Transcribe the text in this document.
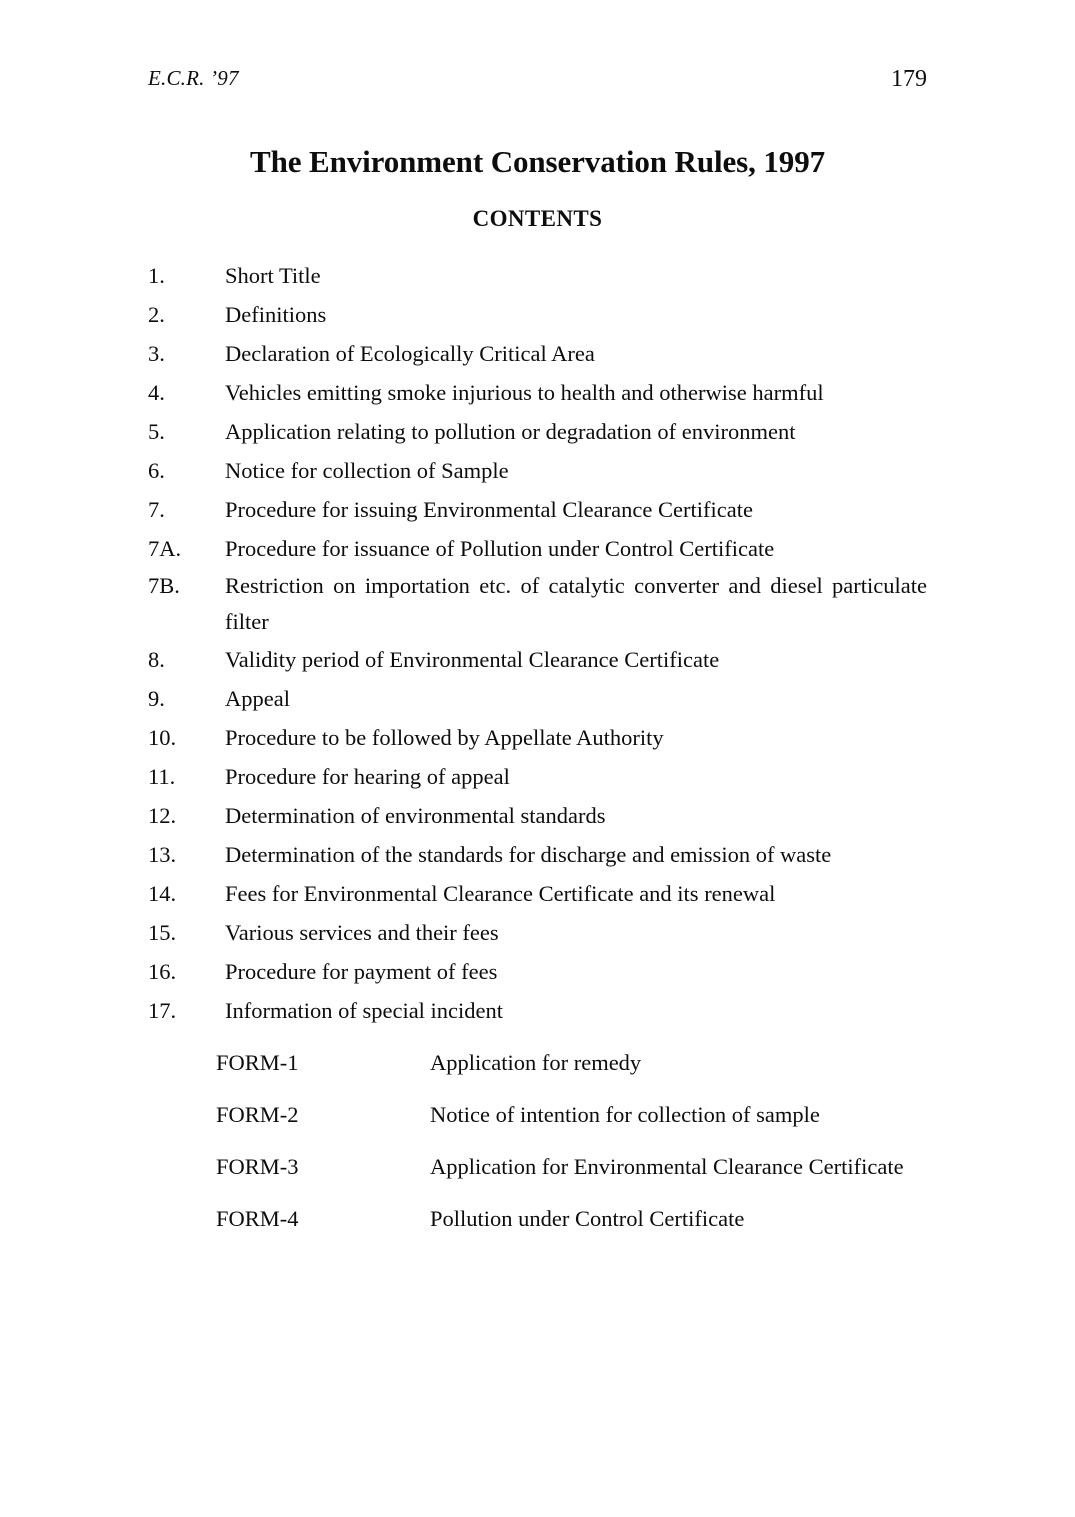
E.C.R. ’97	179
The Environment Conservation Rules, 1997
CONTENTS
1.	Short Title
2.	Definitions
3.	Declaration of Ecologically Critical Area
4.	Vehicles emitting smoke injurious to health and otherwise harmful
5.	Application relating to pollution or degradation of environment
6.	Notice for collection of Sample
7.	Procedure for issuing Environmental Clearance Certificate
7A.	Procedure for issuance of Pollution under Control Certificate
7B.	Restriction on importation etc. of catalytic converter and diesel particulate filter
8.	Validity period of Environmental Clearance Certificate
9.	Appeal
10.	Procedure to be followed by Appellate Authority
11.	Procedure for hearing of appeal
12.	Determination of environmental standards
13.	Determination of the standards for discharge and emission of waste
14.	Fees for Environmental Clearance Certificate and its renewal
15.	Various services and their fees
16.	Procedure for payment of fees
17.	Information of special incident
FORM-1	Application for remedy
FORM-2	Notice of intention for collection of sample
FORM-3	Application for Environmental Clearance Certificate
FORM-4	Pollution under Control Certificate
